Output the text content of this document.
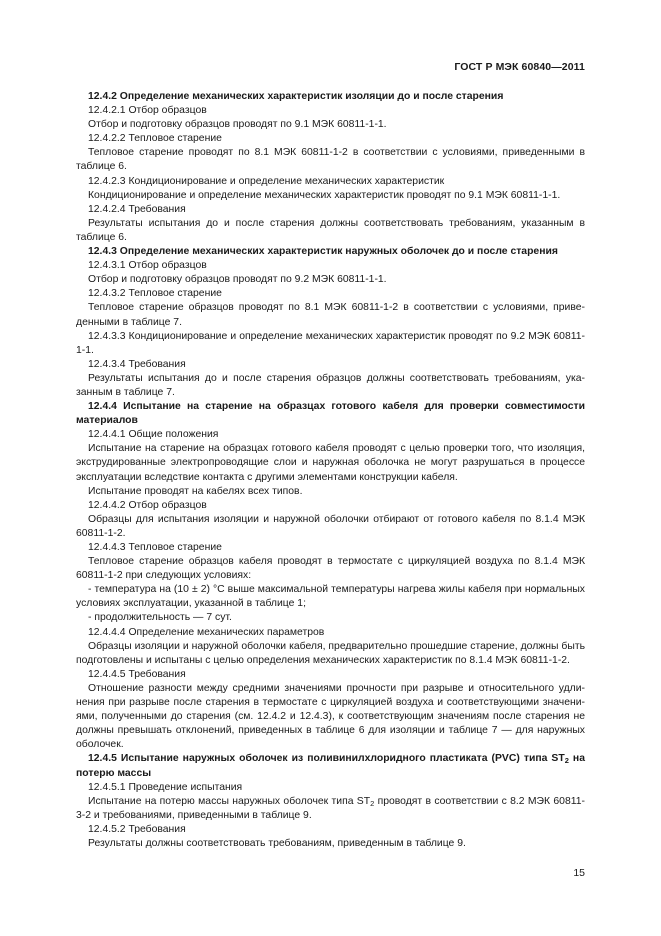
ГОСТ Р МЭК 60840—2011

12.4.2 Определение механических характеристик изоляции до и после старения

12.4.2.1 Отбор образцов

Отбор и подготовку образцов проводят по 9.1 МЭК 60811-1-1.

12.4.2.2 Тепловое старение

Тепловое старение проводят по 8.1 МЭК 60811-1-2 в соответствии с условиями, приведенными в таблице 6.

12.4.2.3 Кондиционирование и определение механических характеристик

Кондиционирование и определение механических характеристик проводят по 9.1 МЭК 60811-1-1.

12.4.2.4 Требования

Результаты испытания до и после старения должны соответствовать требованиям, указанным в таблице 6.

12.4.3 Определение механических характеристик наружных оболочек до и после старения

12.4.3.1 Отбор образцов

Отбор и подготовку образцов проводят по 9.2 МЭК 60811-1-1.

12.4.3.2 Тепловое старение

Тепловое старение образцов проводят по 8.1 МЭК 60811-1-2 в соответствии с условиями, приведенными в таблице 7.

12.4.3.3 Кондиционирование и определение механических характеристик проводят по 9.2 МЭК 60811-1-1.

12.4.3.4 Требования

Результаты испытания до и после старения образцов должны соответствовать требованиям, указанным в таблице 7.

12.4.4 Испытание на старение на образцах готового кабеля для проверки совместимости материалов

12.4.4.1 Общие положения

Испытание на старение на образцах готового кабеля проводят с целью проверки того, что изоляция, экструдированные электропроводящие слои и наружная оболочка не могут разрушаться в процессе эксплуатации вследствие контакта с другими элементами конструкции кабеля.

Испытание проводят на кабелях всех типов.

12.4.4.2 Отбор образцов

Образцы для испытания изоляции и наружной оболочки отбирают от готового кабеля по 8.1.4 МЭК 60811-1-2.

12.4.4.3 Тепловое старение

Тепловое старение образцов кабеля проводят в термостате с циркуляцией воздуха по 8.1.4 МЭК 60811-1-2 при следующих условиях:

- температура на (10 ± 2) °С выше максимальной температуры нагрева жилы кабеля при нормальных условиях эксплуатации, указанной в таблице 1;

- продолжительность — 7 сут.

12.4.4.4 Определение механических параметров

Образцы изоляции и наружной оболочки кабеля, предварительно прошедшие старение, должны быть подготовлены и испытаны с целью определения механических характеристик по 8.1.4 МЭК 60811-1-2.

12.4.4.5 Требования

Отношение разности между средними значениями прочности при разрыве и относительного удлинения при разрыве после старения в термостате с циркуляцией воздуха и соответствующими значениями, полученными до старения (см. 12.4.2 и 12.4.3), к соответствующим значениям после старения не должны превышать отклонений, приведенных в таблице 6 для изоляции и таблице 7 — для наружных оболочек.

12.4.5 Испытание наружных оболочек из поливинилхлоридного пластиката (PVC) типа $ST_2$ на потерю массы

12.4.5.1 Проведение испытания

Испытание на потерю массы наружных оболочек типа $ST_2$ проводят в соответствии с 8.2 МЭК 60811-3-2 и требованиями, приведенными в таблице 9.

12.4.5.2 Требования

Результаты должны соответствовать требованиям, приведенным в таблице 9.

15
